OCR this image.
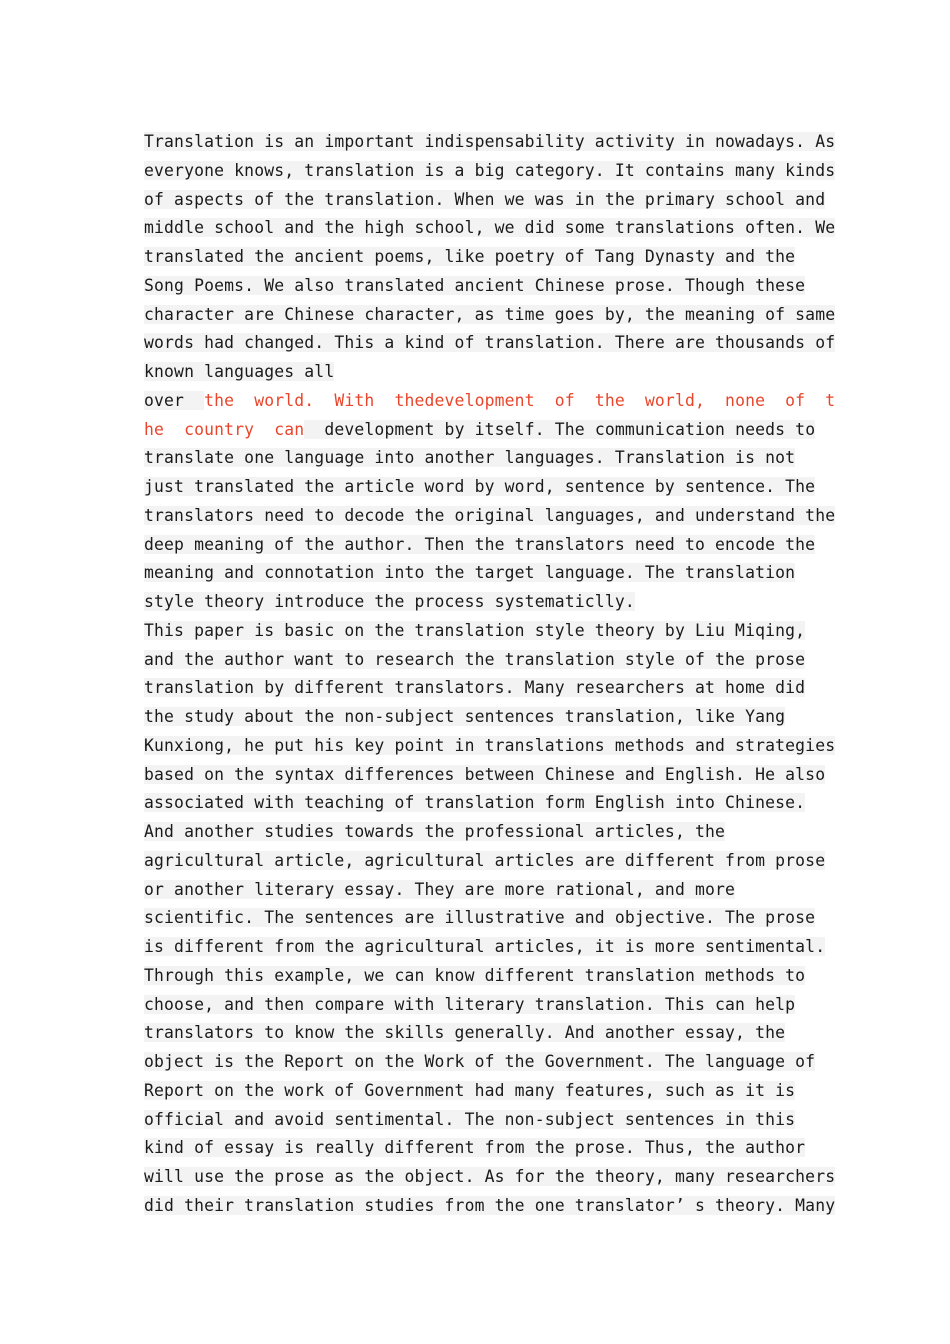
Translation is an important indispensability activity in nowadays. As
everyone knows, translation is a big category. It contains many kinds
of aspects of the translation. When we was in the primary school and
middle school and the high school, we did some translations often. We
translated the ancient poems, like poetry of Tang Dynasty and the
Song Poems. We also translated ancient Chinese prose. Though these
character are Chinese character, as time goes by, the meaning of same
words had changed. This a kind of translation. There are thousands of
known languages all
over  the  world.  With  thedevelopment  of  the  world,  none  of  t
he  country  can  development by itself. The communication needs to
translate one language into another languages. Translation is not
just translated the article word by word, sentence by sentence. The
translators need to decode the original languages, and understand the
deep meaning of the author. Then the translators need to encode the
meaning and connotation into the target language. The translation
style theory introduce the process systematiclly.
This paper is basic on the translation style theory by Liu Miqing,
and the author want to research the translation style of the prose
translation by different translators. Many researchers at home did
the study about the non-subject sentences translation, like Yang
Kunxiong, he put his key point in translations methods and strategies
based on the syntax differences between Chinese and English. He also
associated with teaching of translation form English into Chinese.
And another studies towards the professional articles, the
agricultural article, agricultural articles are different from prose
or another literary essay. They are more rational, and more
scientific. The sentences are illustrative and objective. The prose
is different from the agricultural articles, it is more sentimental.
Through this example, we can know different translation methods to
choose, and then compare with literary translation. This can help
translators to know the skills generally. And another essay, the
object is the Report on the Work of the Government. The language of
Report on the work of Government had many features, such as it is
official and avoid sentimental. The non-subject sentences in this
kind of essay is really different from the prose. Thus, the author
will use the prose as the object. As for the theory, many researchers
did their translation studies from the one translator’ s theory. Many
